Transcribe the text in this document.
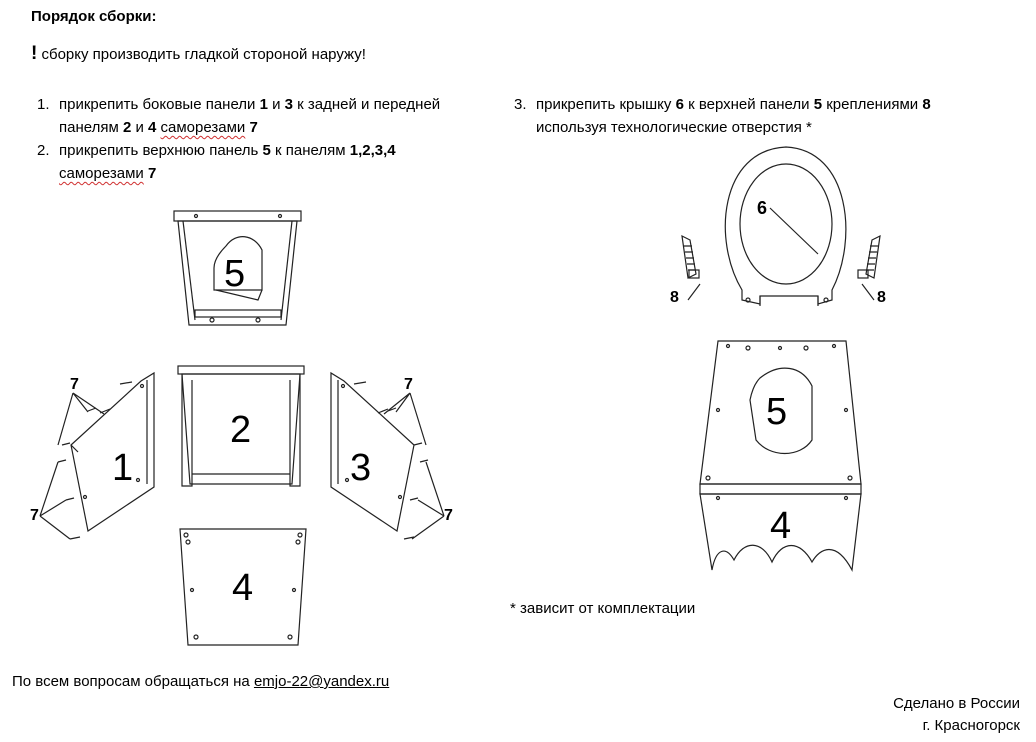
Порядок сборки:
! сборку производить гладкой стороной наружу!
1. прикрепить боковые панели 1 и 3 к задней и передней панелям 2 и 4 саморезами 7
2. прикрепить верхнюю панель 5 к панелям 1,2,3,4
саморезами 7
3. прикрепить крышку 6 к верхней панели 5 креплениями 8
используя технологические отверстия *
5
2
1
7
7
3
7
7
4
6
8	8
5
4
* зависит от комплектации
По всем вопросам обращаться на emjo-22@yandex.ru
Сделано в России
г. Красногорск
